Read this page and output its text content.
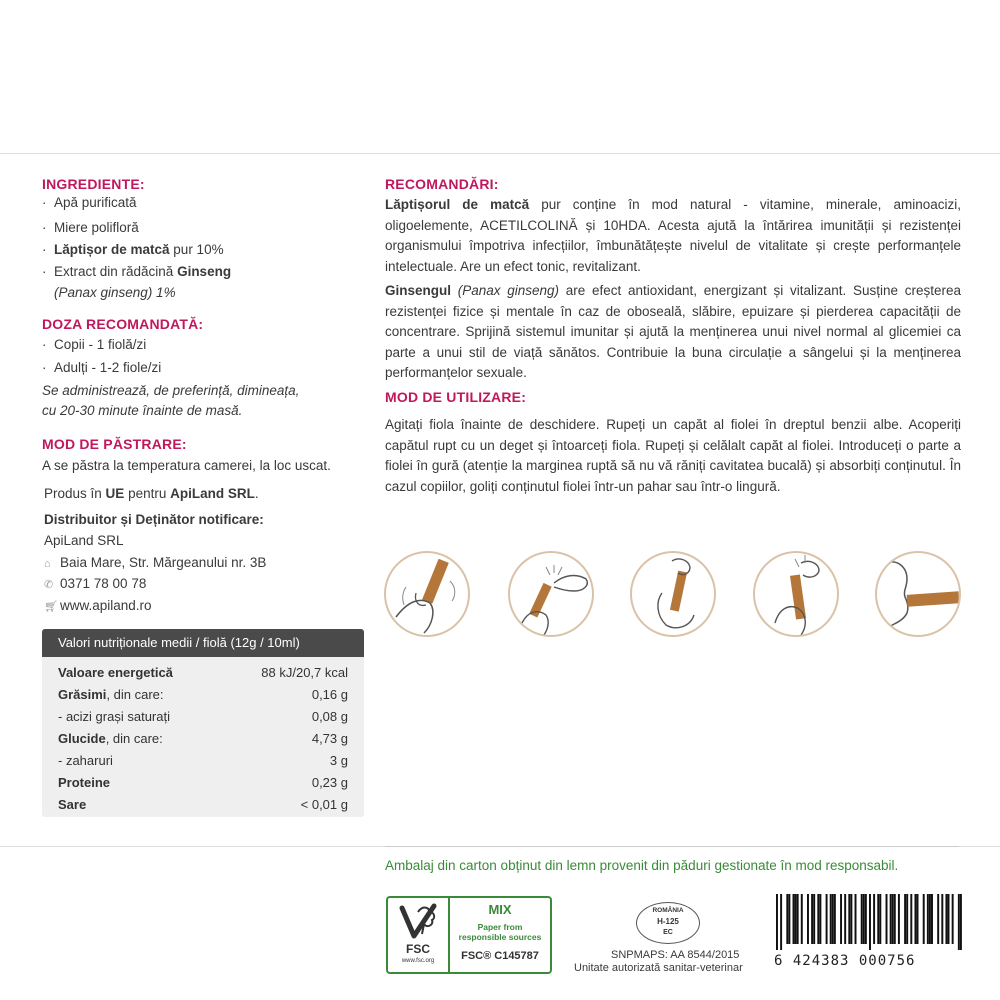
INGREDIENTE:
· Apă purificată
· Miere polifloră
· Lăptișor de matcă pur 10%
· Extract din rădăcină Ginseng
(Panax ginseng) 1%
DOZA RECOMANDATĂ:
· Copii - 1 fiolă/zi
· Adulți - 1-2 fiole/zi
Se administrează, de preferință, dimineața,
cu 20-30 minute înainte de masă.
MOD DE PĂSTRARE:
A se păstra la temperatura camerei, la loc uscat.
Produs în UE pentru ApiLand SRL.
Distribuitor și Deținător notificare:
ApiLand SRL
⌂ Baia Mare, Str. Mărgeanului nr. 3B
✆ 0371 78 00 78
🛒︎ www.apiland.ro
Valori nutriționale medii / fiolă (12g / 10ml)
Valoare energetică	88 kJ/20,7 kcal
Grăsimi, din care:	0,16 g
- acizi grași saturați	0,08 g
Glucide, din care:	4,73 g
- zaharuri	3 g
Proteine	0,23 g
Sare	< 0,01 g
RECOMANDĂRI:
Lăptișorul de matcă pur conține în mod natural - vitamine, minerale, aminoacizi, oligoelemente, ACETILCOLINĂ și 10HDA. Acesta ajută la întărirea imunității și rezistenței organismului împotriva infecțiilor, îmbunătățește nivelul de vitalitate și crește performanțele intelectuale. Are un efect tonic, revitalizant.
Ginsengul (Panax ginseng) are efect antioxidant, energizant și vitalizant. Susține creșterea rezistenței fizice și mentale în caz de oboseală, slăbire, epuizare și pierderea capacității de concentrare. Sprijină sistemul imunitar și ajută la menținerea unui nivel normal al glicemiei ca parte a unui stil de viață sănătos. Contribuie la buna circulație a sângelui și la menținerea performanțelor sexuale.
MOD DE UTILIZARE:
Agitați fiola înainte de deschidere. Rupeți un capăt al fiolei în dreptul benzii albe. Acoperiți capătul rupt cu un deget și întoarceți fiola. Rupeți și celălalt capăt al fiolei. Introduceți o parte a fiolei în gură (atenție la marginea ruptă să nu vă răniți cavitatea bucală) și absorbiți conținutul. În cazul copiilor, goliți conținutul fiolei într-un pahar sau într-o lingură.
Ambalaj din carton obținut din lemn provenit din păduri gestionate în mod responsabil.
FSC
www.fsc.org
MIX
Paper from
responsible sources
FSC® C145787
ROMÂNIA
H-125
EC
SNPMAPS: AA 8544/2015
Unitate autorizată sanitar-veterinar 6 424383 000756
